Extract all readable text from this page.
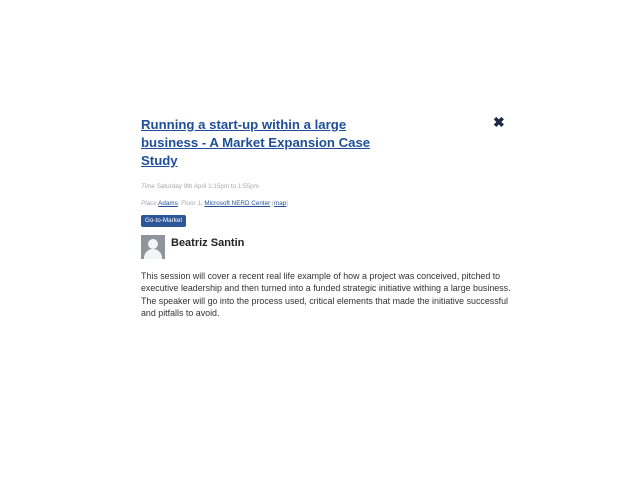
Running a start-up within a large business - A Market Expansion Case Study
✖
Time Saturday 9th April 1:15pm to 1:55pm
Place Adams, Floor 1, Microsoft NERD Center (map)
Go-to-Market
Beatriz Santin
This session will cover a recent real life example of how a project was conceived, pitched to executive leadership and then turned into a funded strategic initiative withing a large business. The speaker will go into the process used, critical elements that made the initiative successful and pitfalls to avoid.
